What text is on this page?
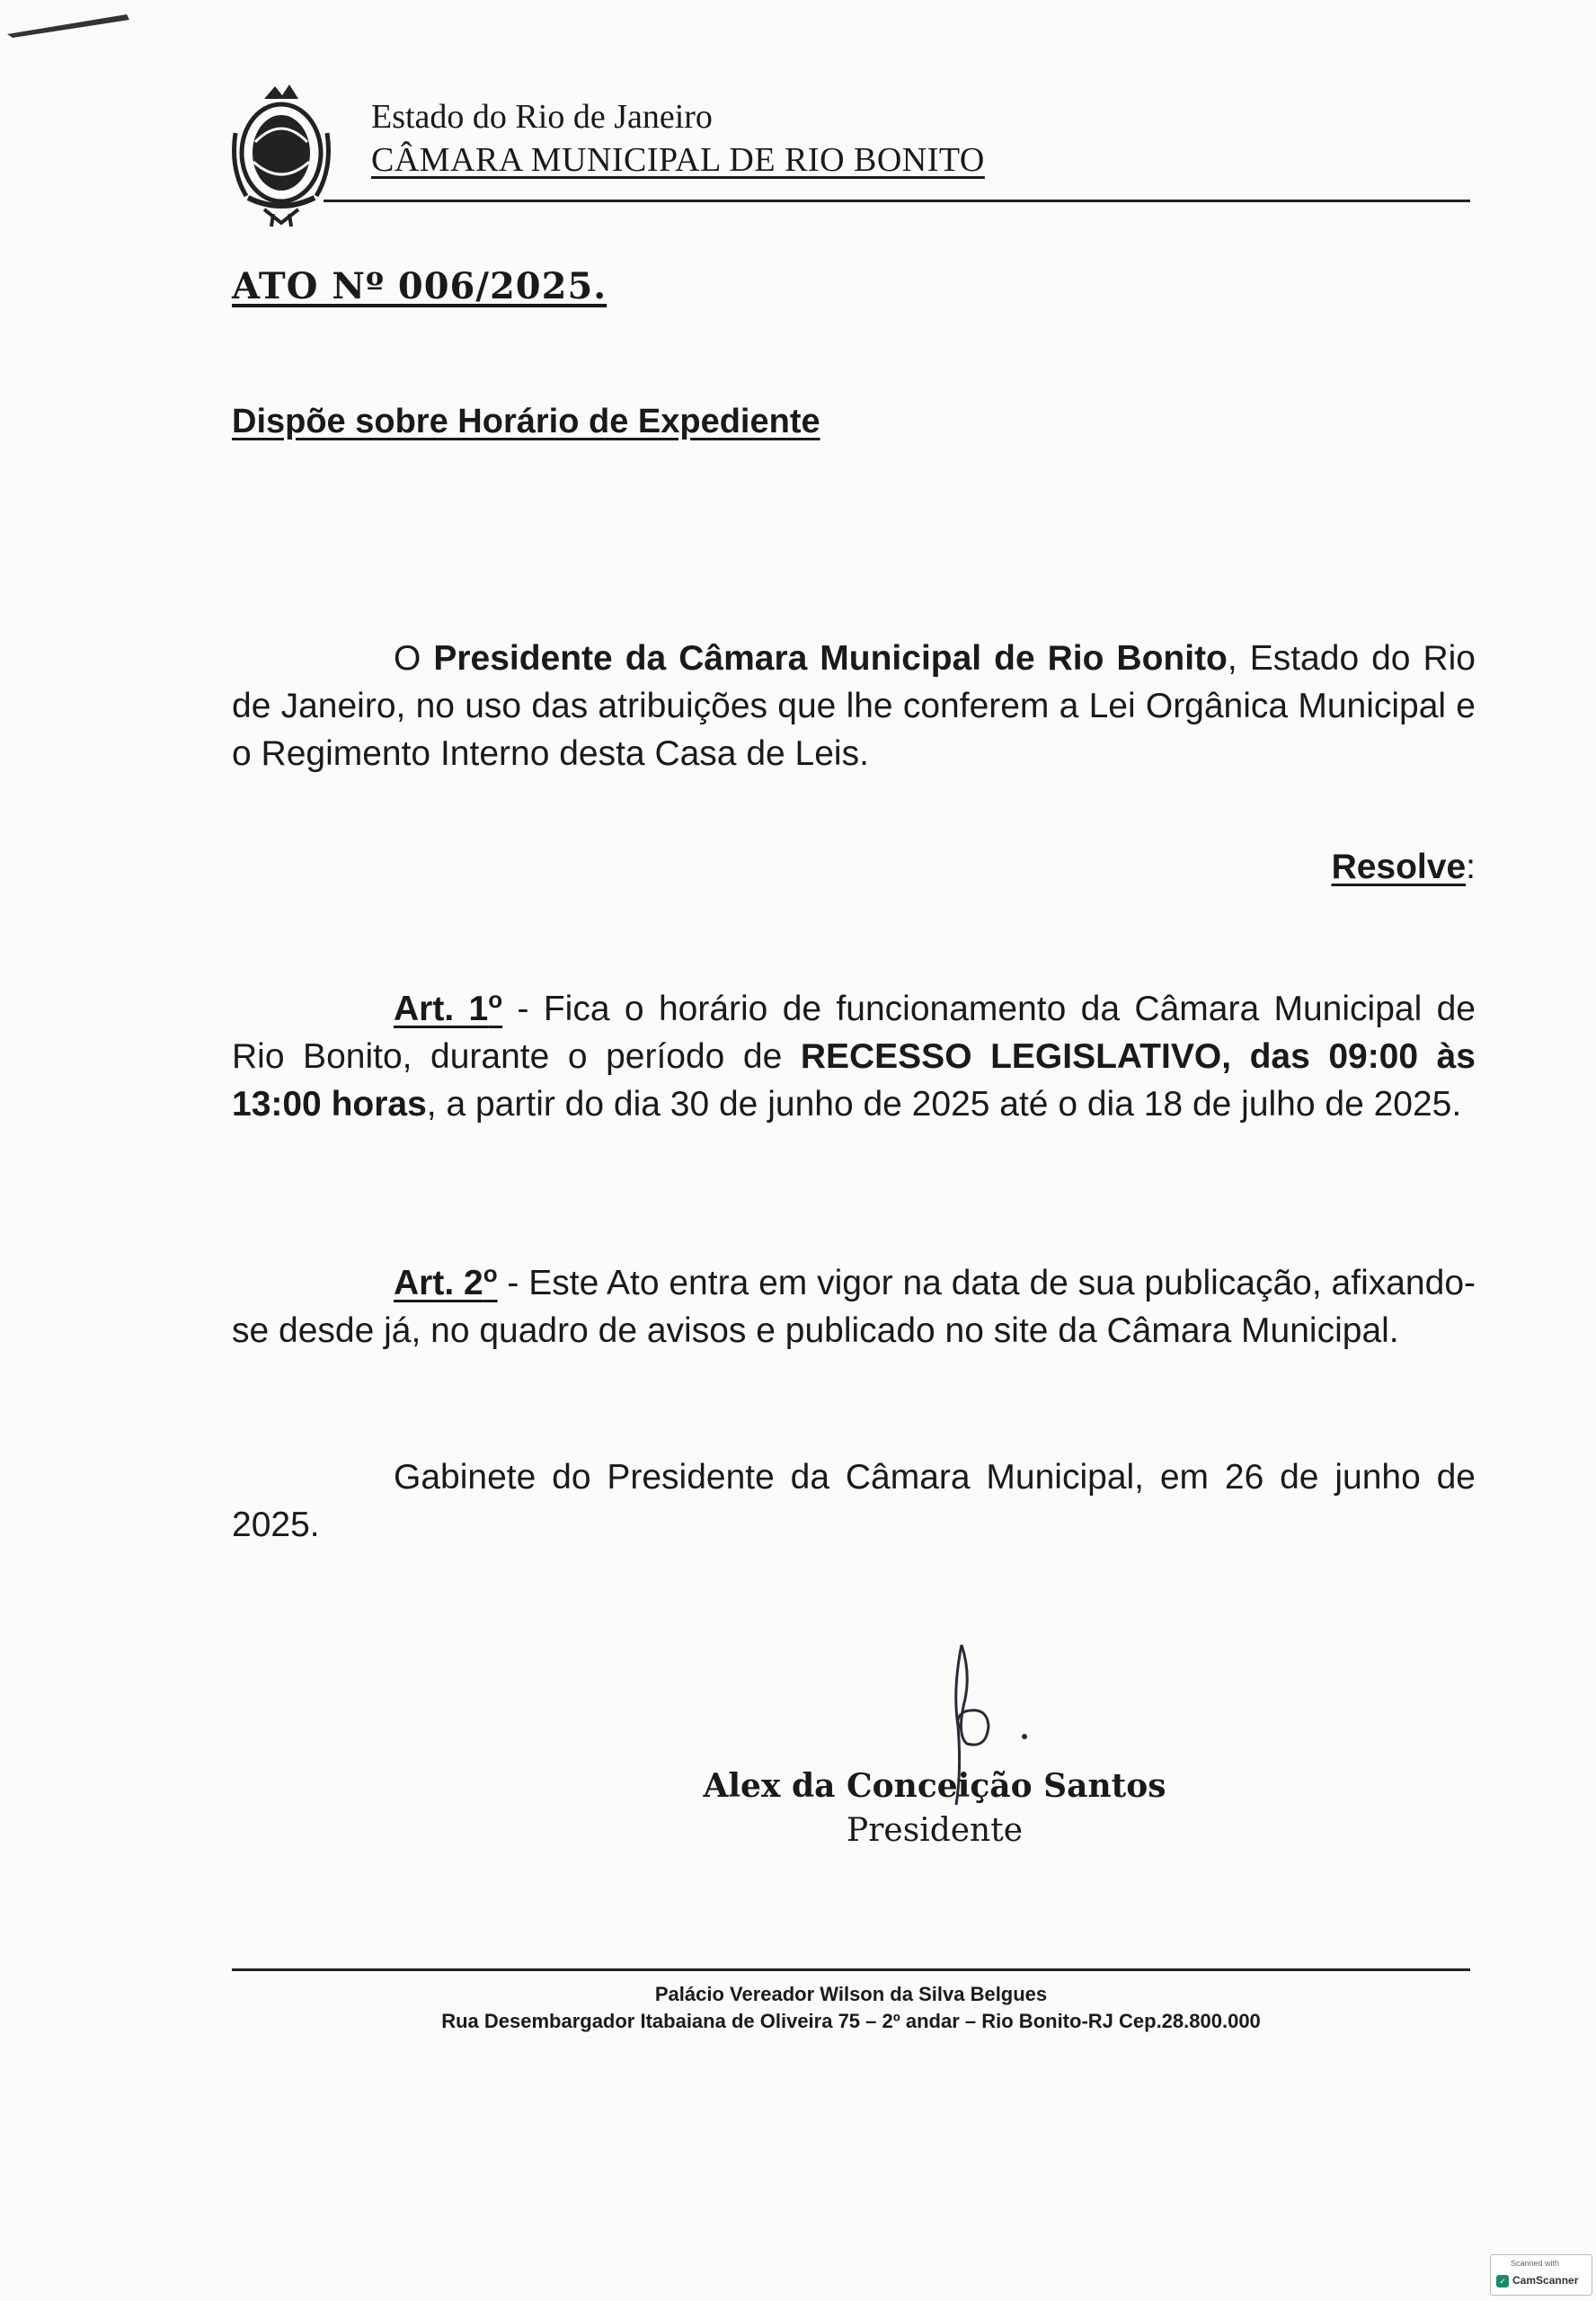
Estado do Rio de Janeiro
CÂMARA MUNICIPAL DE RIO BONITO
ATO Nº 006/2025.
Dispõe sobre Horário de Expediente
O Presidente da Câmara Municipal de Rio Bonito, Estado do Rio de Janeiro, no uso das atribuições que lhe conferem a Lei Orgânica Municipal e o Regimento Interno desta Casa de Leis.
Resolve:
Art. 1$^o$ - Fica o horário de funcionamento da Câmara Municipal de Rio Bonito, durante o período de RECESSO LEGISLATIVO, das 09:00 às 13:00 horas, a partir do dia 30 de junho de 2025 até o dia 18 de julho de 2025.
Art. 2$^o$ - Este Ato entra em vigor na data de sua publicação, afixando-se desde já, no quadro de avisos e publicado no site da Câmara Municipal.
Gabinete do Presidente da Câmara Municipal, em 26 de junho de 2025.
Alex da Conceição Santos
Presidente
Palácio Vereador Wilson da Silva Belgues
Rua Desembargador Itabaiana de Oliveira 75 – 2º andar – Rio Bonito-RJ Cep.28.800.000
Scanned with
✓ CamScanner
